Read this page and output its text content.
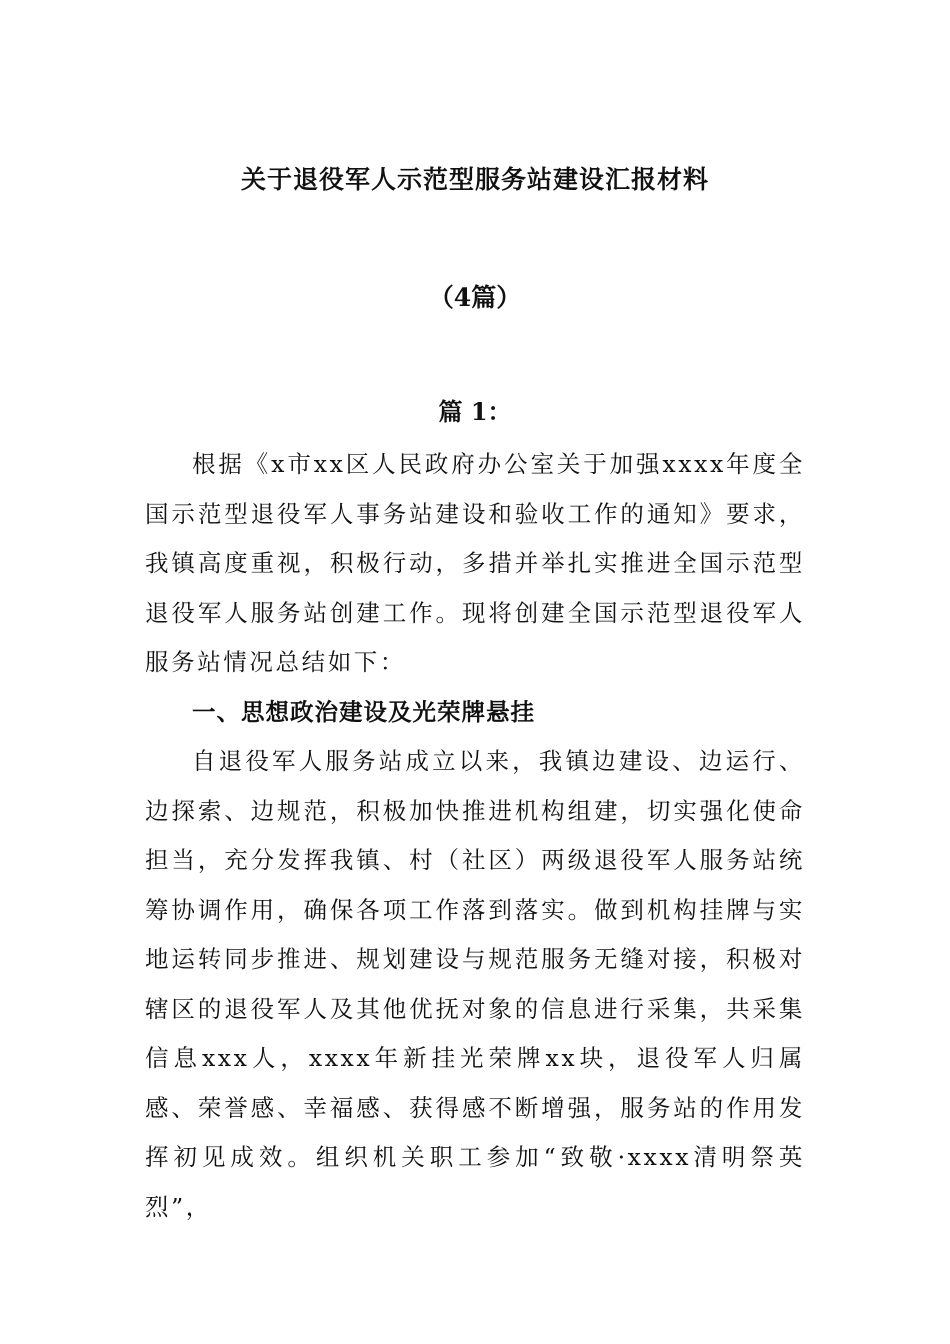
关于退役军人示范型服务站建设汇报材料
（4篇）
篇 1：

根据《x市xx区人民政府办公室关于加强xxxx年度全国示范型退役军人事务站建设和验收工作的通知》要求，我镇高度重视，积极行动，多措并举扎实推进全国示范型退役军人服务站创建工作。现将创建全国示范型退役军人服务站情况总结如下：

一、思想政治建设及光荣牌悬挂

自退役军人服务站成立以来，我镇边建设、边运行、边探索、边规范，积极加快推进机构组建，切实强化使命担当，充分发挥我镇、村（社区）两级退役军人服务站统筹协调作用，确保各项工作落到落实。做到机构挂牌与实地运转同步推进、规划建设与规范服务无缝对接，积极对辖区的退役军人及其他优抚对象的信息进行采集，共采集信息xxx人，xxxx年新挂光荣牌xx块，退役军人归属感、荣誉感、幸福感、获得感不断增强，服务站的作用发挥初见成效。组织机关职工参加“致敬·xxxx清明祭英烈”，
